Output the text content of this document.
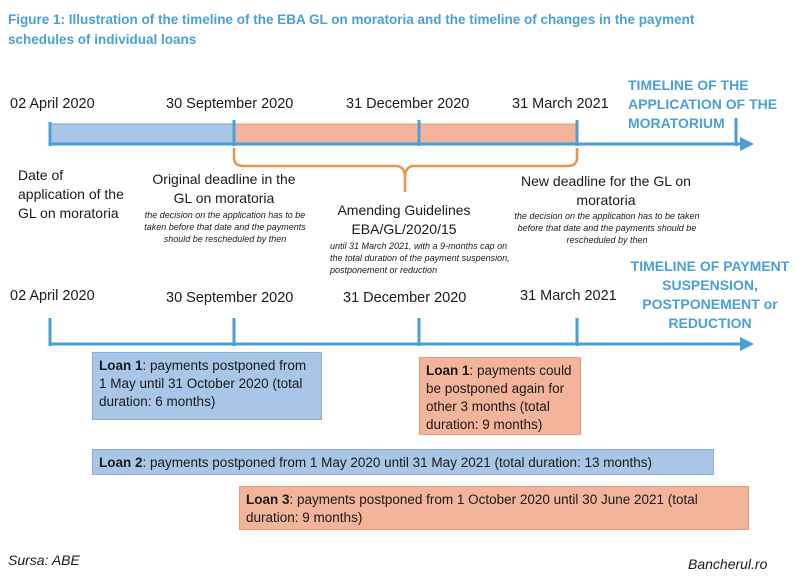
Figure 1: Illustration of the timeline of the EBA GL on moratoria and the timeline of changes in the payment schedules of individual loans
02 April 2020	30 September 2020	31 December 2020	31 March 2021
TIMELINE OF THE APPLICATION OF THE MORATORIUM
Date of application of the GL on moratoria
Original deadline in the GL on moratoria
the decision on the application has to be taken before that date and the payments should be rescheduled by then
Amending Guidelines EBA/GL/2020/15
until 31 March 2021, with a 9-months cap on the total duration of the payment suspension, postponement or reduction
New deadline for the GL on moratoria
the decision on the application has to be taken before that date and the payments should be rescheduled by then
TIMELINE OF PAYMENT SUSPENSION, POSTPONEMENT or REDUCTION
02 April 2020	30 September 2020	31 December 2020	31 March 2021
Loan 1: payments postponed from 1 May until 31 October 2020 (total duration: 6 months)
Loan 1: payments could be postponed again for other 3 months (total duration: 9 months)
Loan 2: payments postponed from 1 May 2020 until 31 May 2021 (total duration: 13 months)
Loan 3: payments postponed from 1 October 2020 until 30 June 2021 (total duration: 9 months)
Sursa: ABE	Bancherul.ro
